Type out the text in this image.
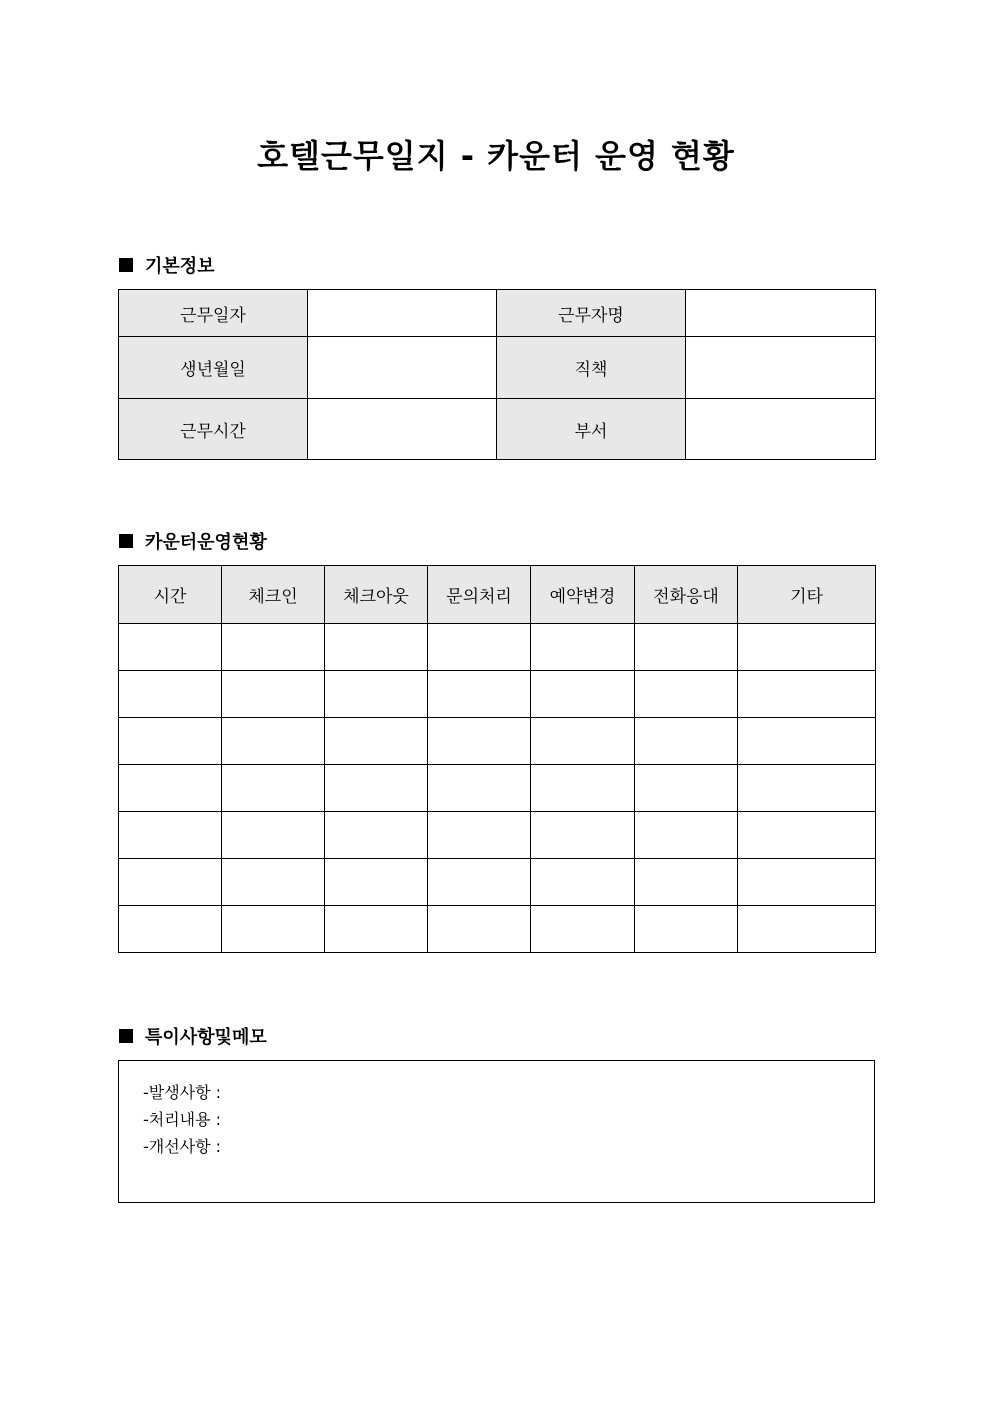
호텔근무일지 - 카운터 운영 현황
기본정보
근무일자		근무자명	
생년월일		직책	
근무시간		부서	
카운터운영현황
시간	체크인	체크아웃	문의처리	예약변경	전화응대	기타

특이사항및메모
-발생사항 :
-처리내용 :
-개선사항 :
